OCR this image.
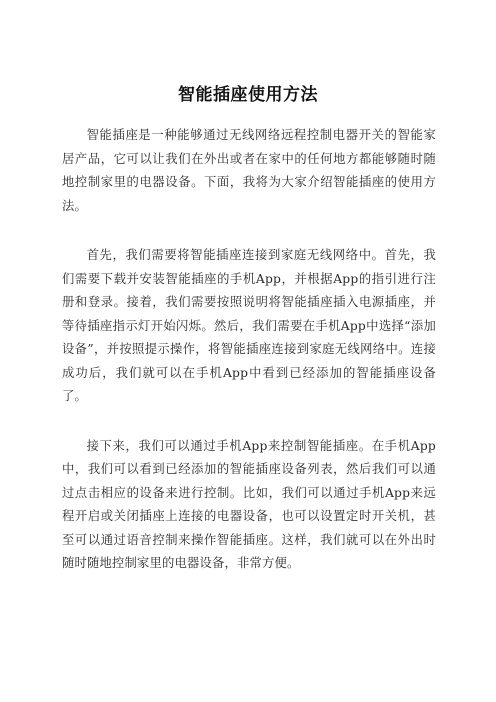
智能插座使用方法

智能插座是一种能够通过无线网络远程控制电器开关的智能家居产品，它可以让我们在外出或者在家中的任何地方都能够随时随地控制家里的电器设备。下面，我将为大家介绍智能插座的使用方法。

首先，我们需要将智能插座连接到家庭无线网络中。首先，我们需要下载并安装智能插座的手机App，并根据App的指引进行注册和登录。接着，我们需要按照说明将智能插座插入电源插座，并等待插座指示灯开始闪烁。然后，我们需要在手机App中选择“添加设备”，并按照提示操作，将智能插座连接到家庭无线网络中。连接成功后，我们就可以在手机App中看到已经添加的智能插座设备了。

接下来，我们可以通过手机App来控制智能插座。在手机App中，我们可以看到已经添加的智能插座设备列表，然后我们可以通过点击相应的设备来进行控制。比如，我们可以通过手机App来远程开启或关闭插座上连接的电器设备，也可以设置定时开关机，甚至可以通过语音控制来操作智能插座。这样，我们就可以在外出时随时随地控制家里的电器设备，非常方便。
